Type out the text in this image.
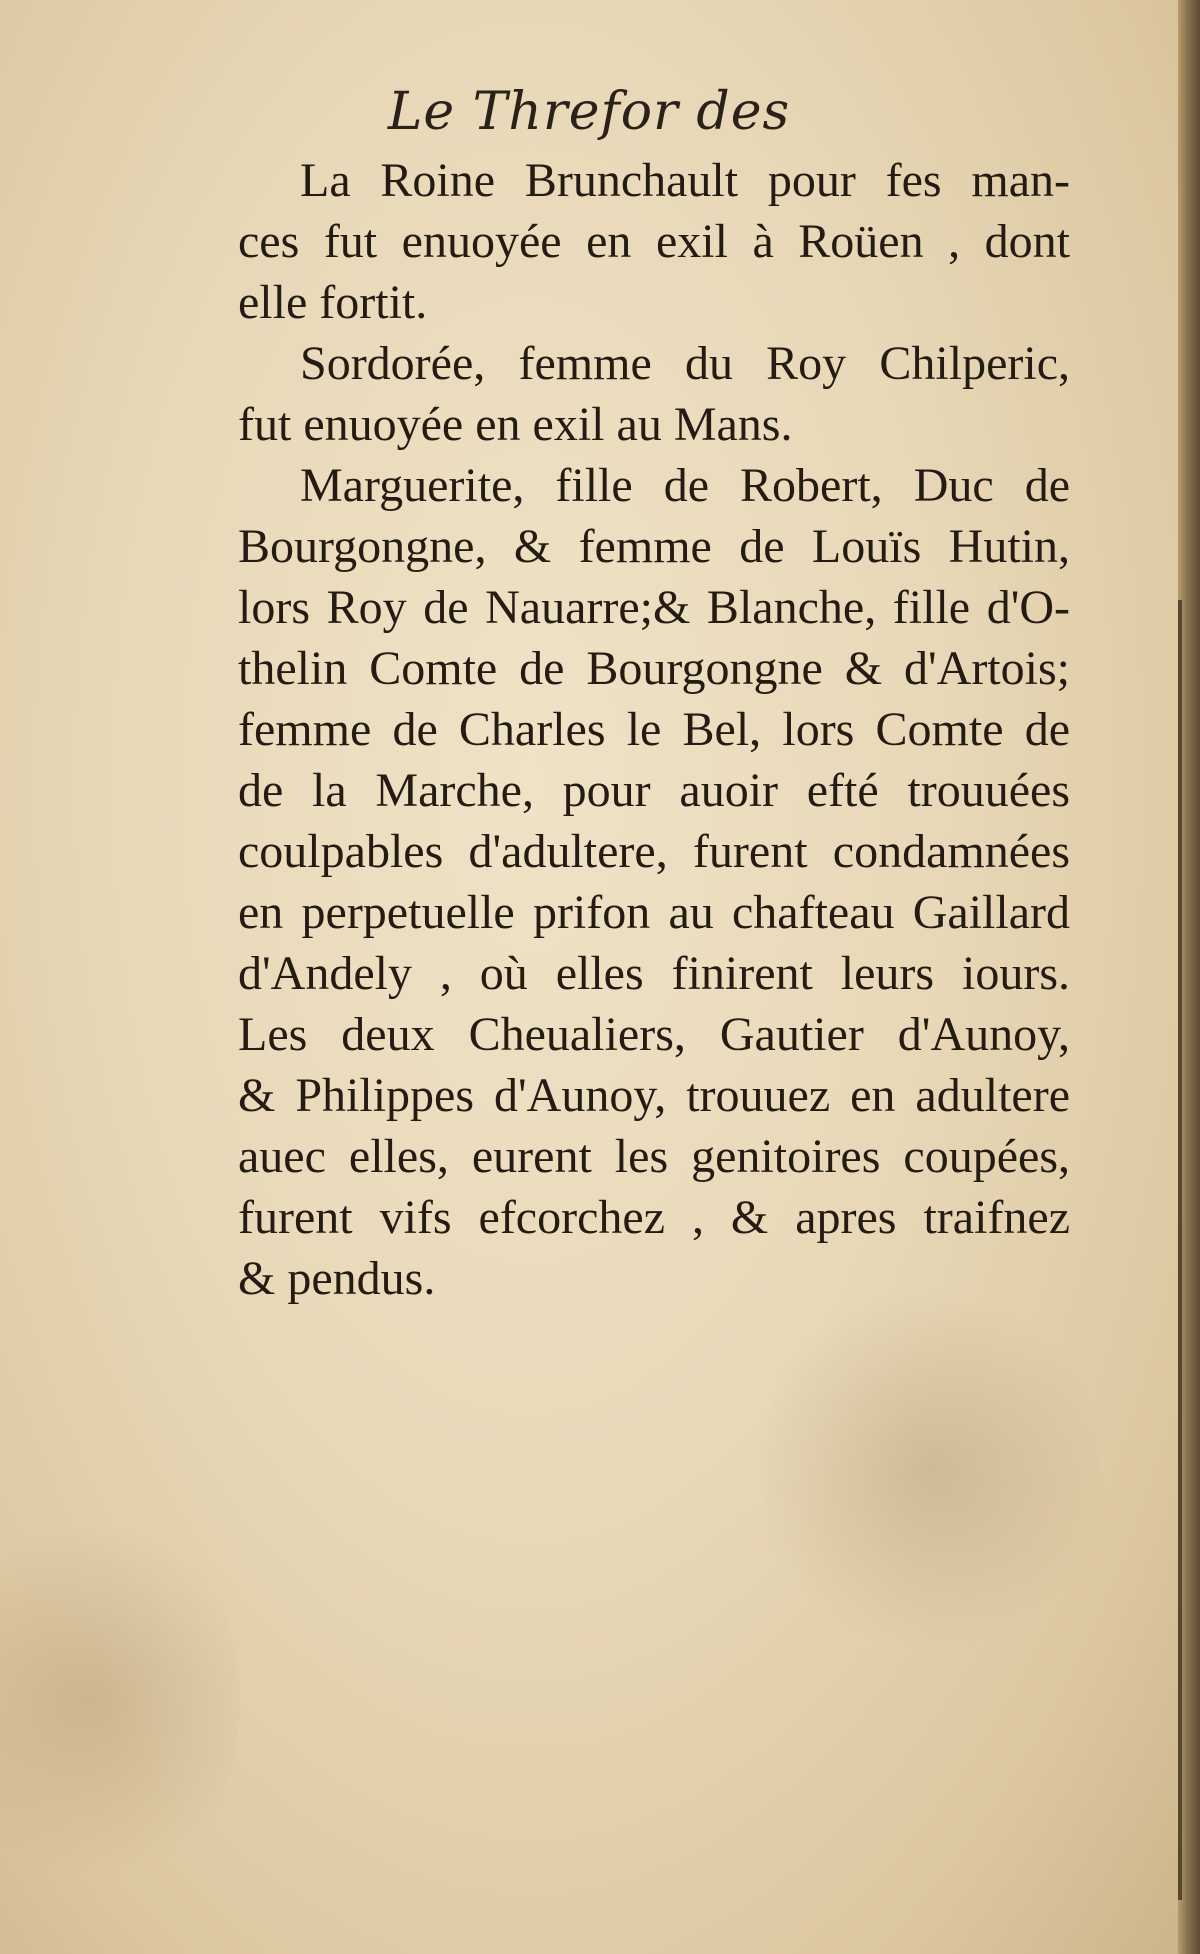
Le Threfor des

La Roine Brunchault pour fes man-
ces fut enuoyée en exil à Roüen , dont
elle fortit.

Sordorée, femme du Roy Chilperic,
fut enuoyée en exil au Mans.

Marguerite, fille de Robert, Duc de
Bourgongne, & femme de Louïs Hutin,
lors Roy de Nauarre;& Blanche, fille d'O-
thelin Comte de Bourgongne & d'Artois;
femme de Charles le Bel, lors Comte de
de la Marche, pour auoir efté trouuées
coulpables d'adultere, furent condamnées
en perpetuelle prifon au chafteau Gaillard
d'Andely , où elles finirent leurs iours.
Les deux Cheualiers, Gautier d'Aunoy,
& Philippes d'Aunoy, trouuez en adultere
auec elles, eurent les genitoires coupées,
furent vifs efcorchez , & apres traifnez
& pendus.
